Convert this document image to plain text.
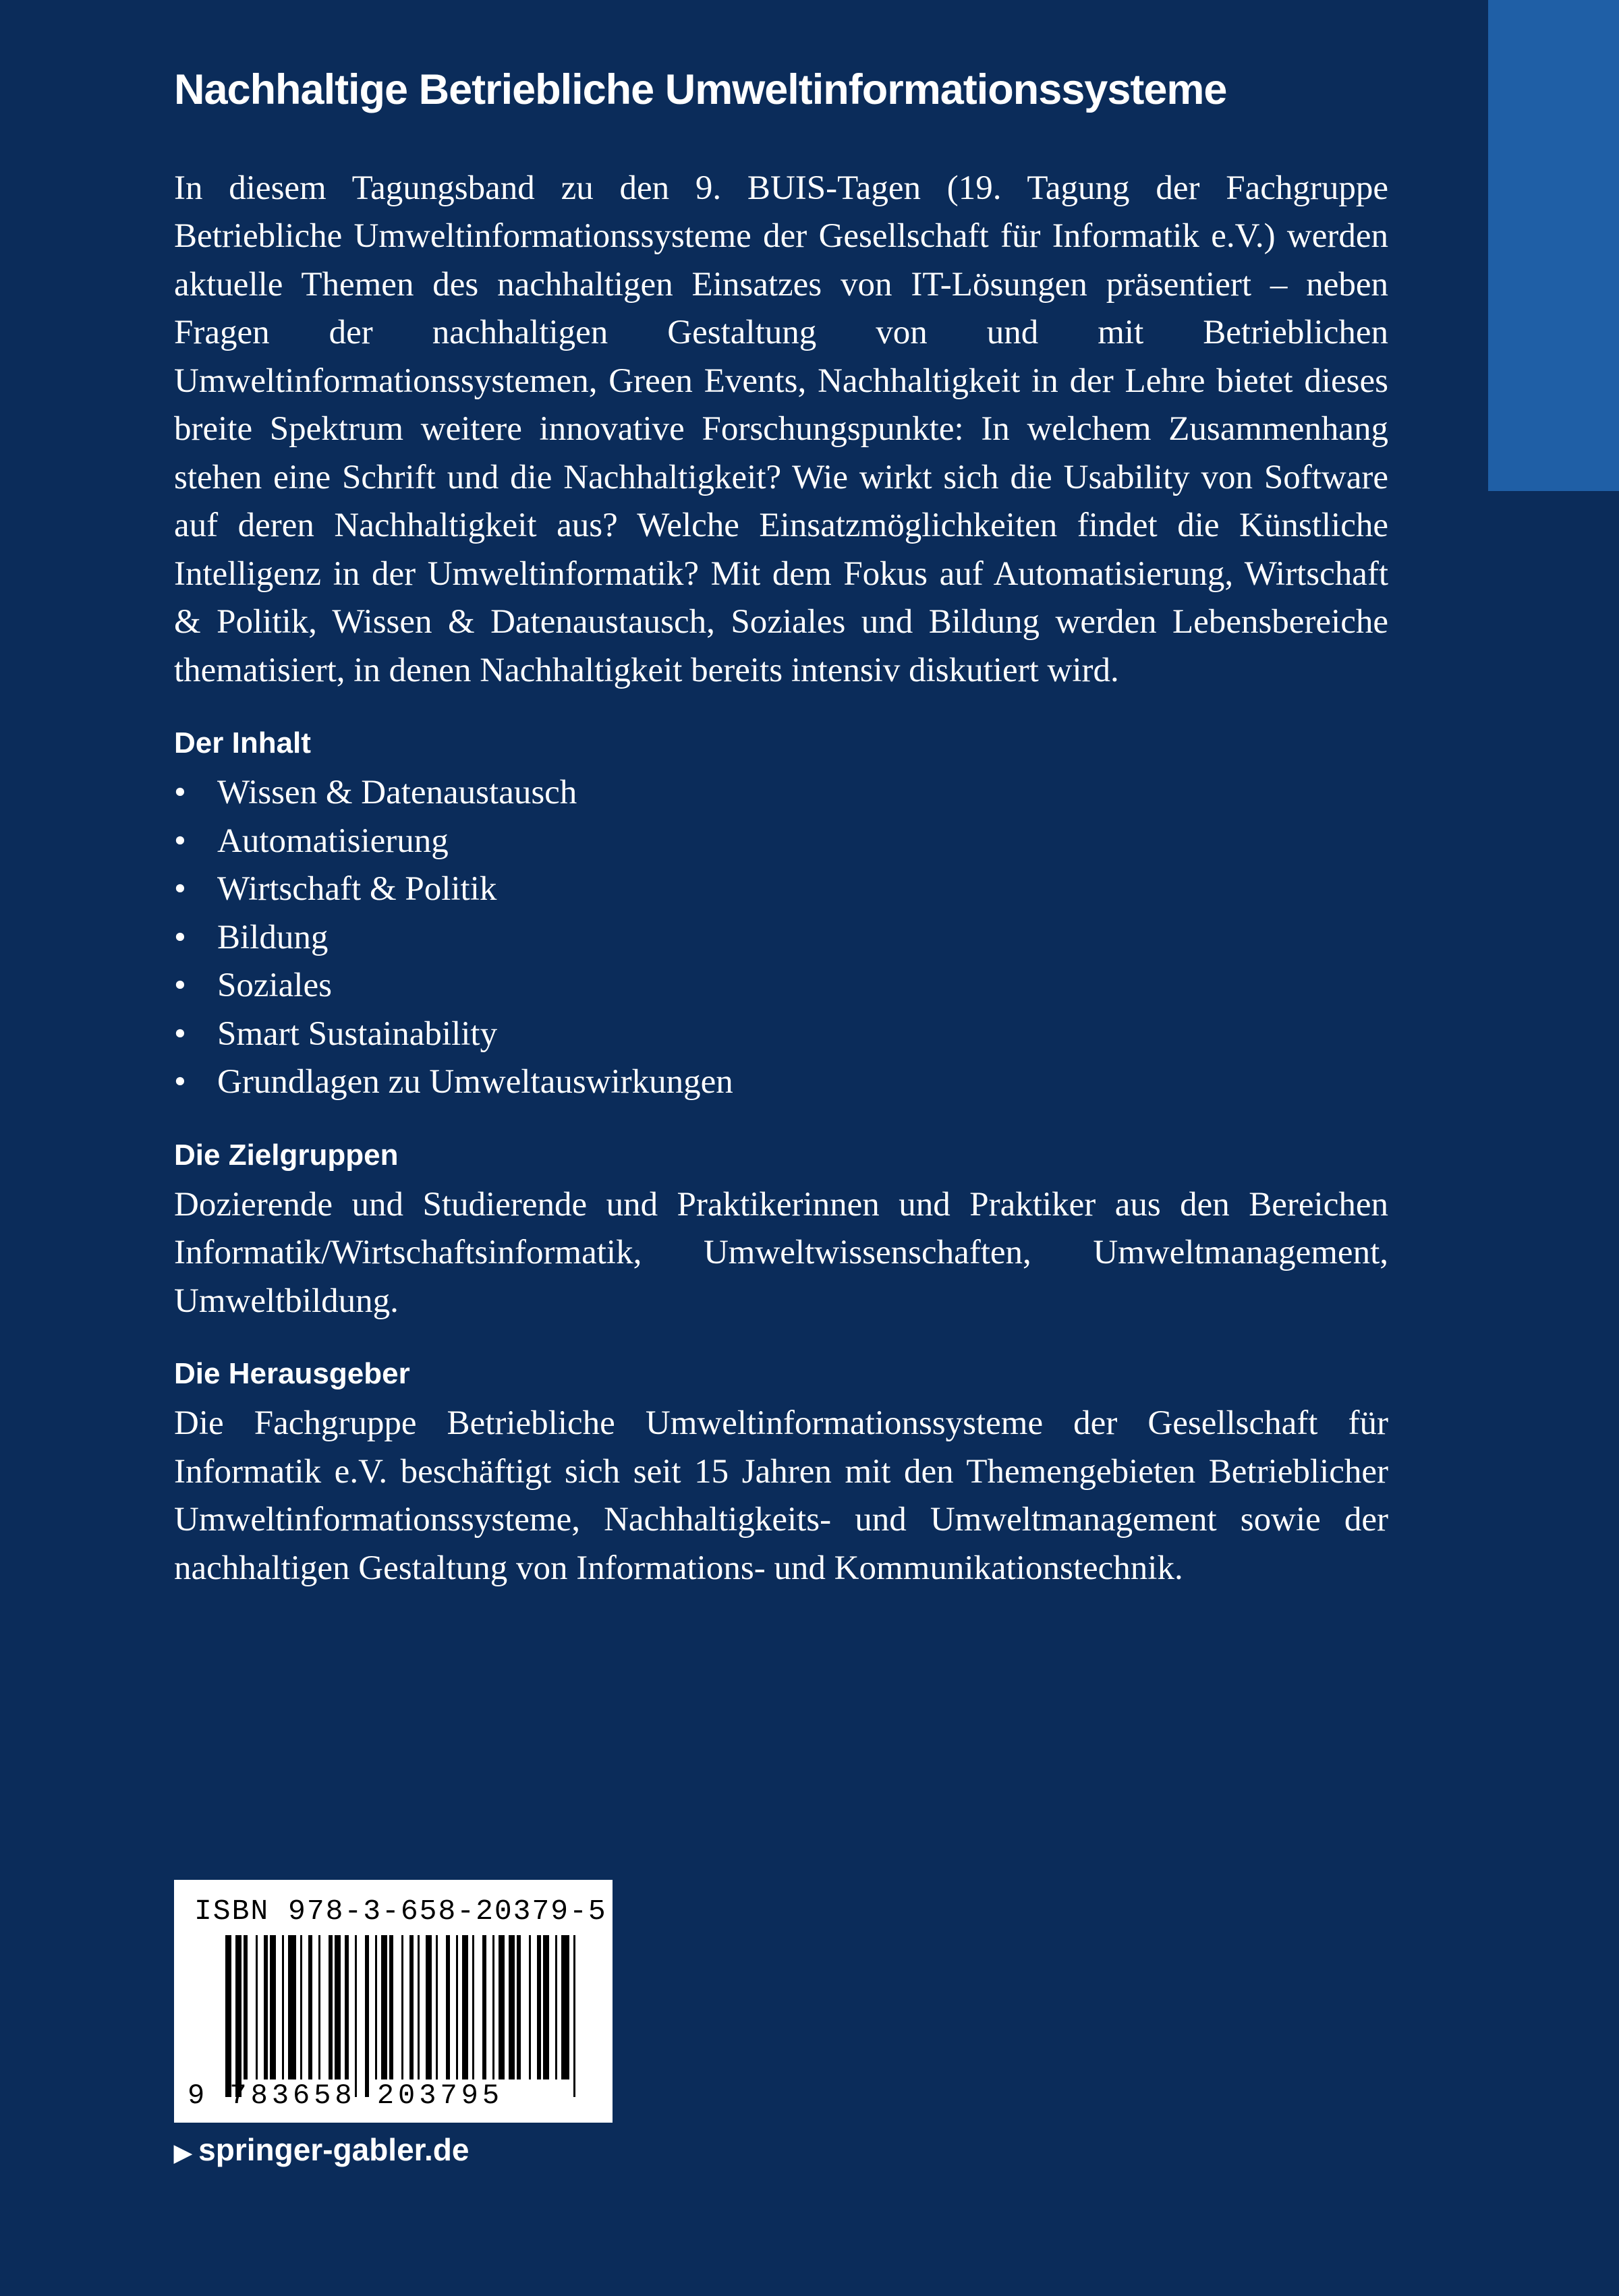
Nachhaltige Betriebliche Umweltinformationssysteme

In diesem Tagungsband zu den 9. BUIS-Tagen (19. Tagung der Fachgruppe Betriebliche Umweltinformationssysteme der Gesellschaft für Informatik e.V.) werden aktuelle Themen des nachhaltigen Einsatzes von IT-Lösungen präsentiert – neben Fragen der nachhaltigen Gestaltung von und mit Betrieblichen Umweltinformationssystemen, Green Events, Nachhaltigkeit in der Lehre bietet dieses breite Spektrum weitere innovative Forschungspunkte: In welchem Zusammenhang stehen eine Schrift und die Nachhaltigkeit? Wie wirkt sich die Usability von Software auf deren Nachhaltigkeit aus? Welche Einsatzmöglichkeiten findet die Künstliche Intelligenz in der Umweltinformatik? Mit dem Fokus auf Automatisierung, Wirtschaft & Politik, Wissen & Datenaustausch, Soziales und Bildung werden Lebensbereiche thematisiert, in denen Nachhaltigkeit bereits intensiv diskutiert wird.

Der Inhalt
• Wissen & Datenaustausch
• Automatisierung
• Wirtschaft & Politik
• Bildung
• Soziales
• Smart Sustainability
• Grundlagen zu Umweltauswirkungen
Die Zielgruppen

Dozierende und Studierende und Praktikerinnen und Praktiker aus den Bereichen Informatik/Wirtschaftsinformatik, Umweltwissenschaften, Umweltmanagement, Umweltbildung.

Die Herausgeber

Die Fachgruppe Betriebliche Umweltinformationssysteme der Gesellschaft für Informatik e.V. beschäftigt sich seit 15 Jahren mit den Themengebieten Betrieblicher Umweltinformationssysteme, Nachhaltigkeits- und Umweltmanagement sowie der nachhaltigen Gestaltung von Informations- und Kommunikationstechnik.

ISBN 978-3-658-20379-5
9 783658 203795
▶ springer-gabler.de
